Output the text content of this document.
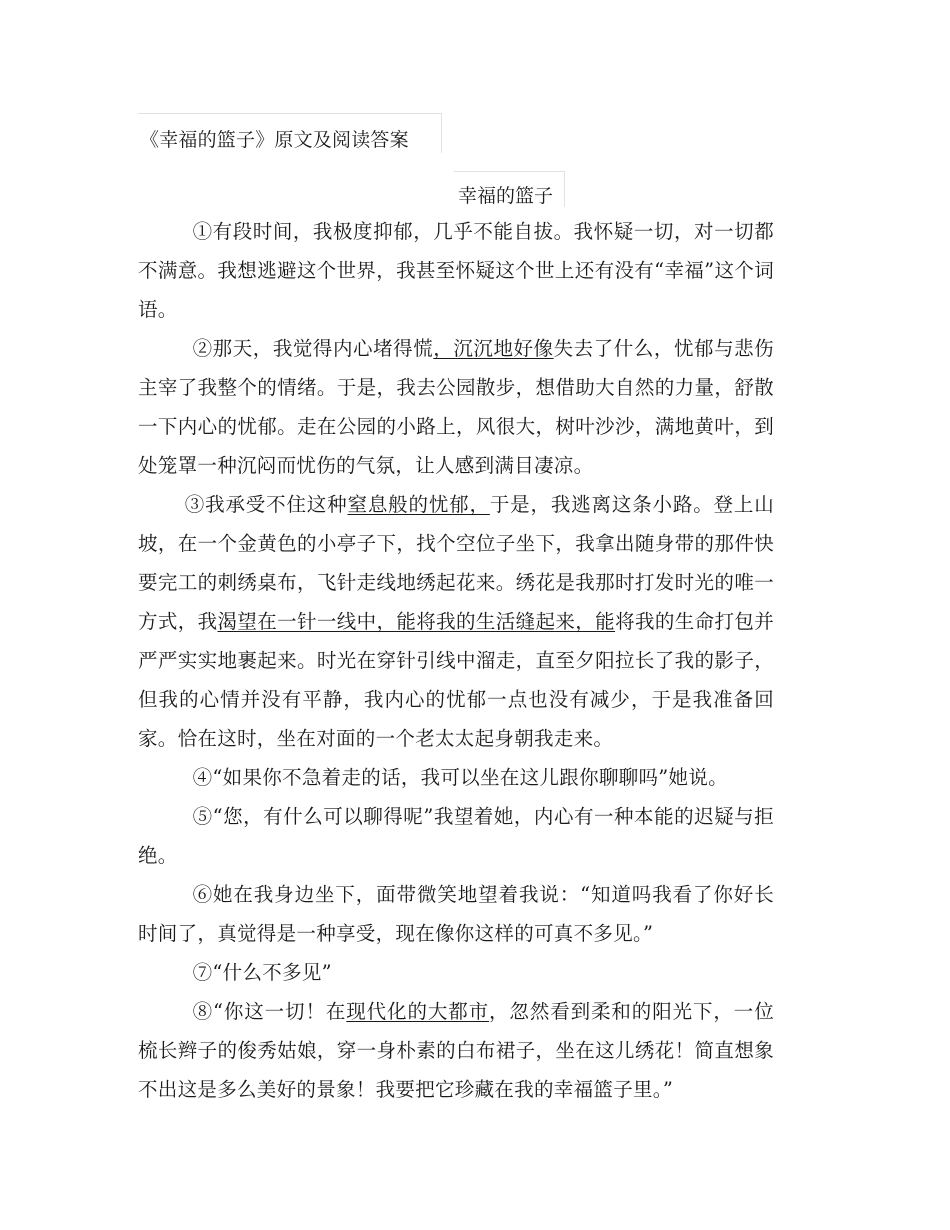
《幸福的篮子》原文及阅读答案
幸福的篮子

①有段时间，我极度抑郁，几乎不能自拔。我怀疑一切，对一切都不满意。我想逃避这个世界，我甚至怀疑这个世上还有没有“幸福”这个词语。

②那天，我觉得内心堵得慌，沉沉地好像失去了什么，忧郁与悲伤主宰了我整个的情绪。于是，我去公园散步，想借助大自然的力量，舒散一下内心的忧郁。走在公园的小路上，风很大，树叶沙沙，满地黄叶，到处笼罩一种沉闷而忧伤的气氛，让人感到满目凄凉。

③我承受不住这种窒息般的忧郁，于是，我逃离这条小路。登上山坡，在一个金黄色的小亭子下，找个空位子坐下，我拿出随身带的那件快要完工的刺绣桌布，飞针走线地绣起花来。绣花是我那时打发时光的唯一方式，我渴望在一针一线中，能将我的生活缝起来，能将我的生命打包并严严实实地裹起来。时光在穿针引线中溜走，直至夕阳拉长了我的影子，但我的心情并没有平静，我内心的忧郁一点也没有减少，于是我准备回家。恰在这时，坐在对面的一个老太太起身朝我走来。

④“如果你不急着走的话，我可以坐在这儿跟你聊聊吗”她说。

⑤“您，有什么可以聊得呢”我望着她，内心有一种本能的迟疑与拒绝。

⑥她在我身边坐下，面带微笑地望着我说：“知道吗我看了你好长时间了，真觉得是一种享受，现在像你这样的可真不多见。”

⑦“什么不多见”

⑧“你这一切！在现代化的大都市，忽然看到柔和的阳光下，一位梳长辫子的俊秀姑娘，穿一身朴素的白布裙子，坐在这儿绣花！简直想象不出这是多么美好的景象！我要把它珍藏在我的幸福篮子里。”
